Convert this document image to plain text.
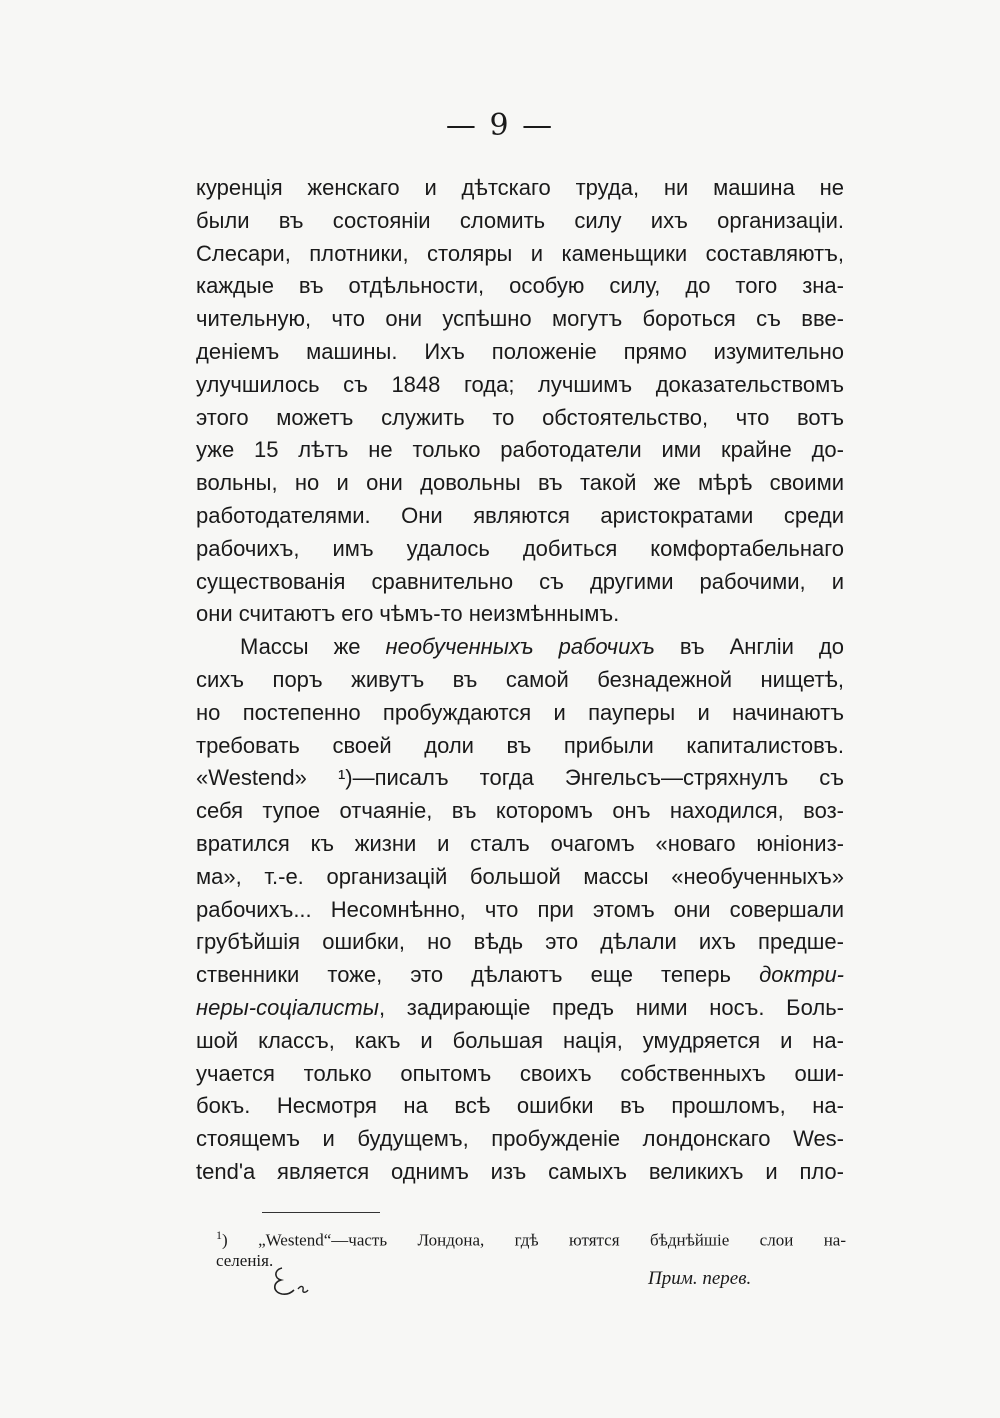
— 9 —
куренція женскаго и дѣтскаго труда, ни машина не
были въ состояніи сломить силу ихъ организаціи.
Слесари, плотники, столяры и каменьщики составляютъ,
каждые въ отдѣльности, особую силу, до того зна-
чительную, что они успѣшно могутъ бороться съ вве-
деніемъ машины. Ихъ положеніе прямо изумительно
улучшилось съ 1848 года; лучшимъ доказательствомъ
этого можетъ служить то обстоятельство, что вотъ
уже 15 лѣтъ не только работодатели ими крайне до-
вольны, но и они довольны въ такой же мѣрѣ своими
работодателями. Они являются аристократами среди
рабочихъ, имъ удалось добиться комфортабельнаго
существованія сравнительно съ другими рабочими, и
они считаютъ его чѣмъ-то неизмѣннымъ.
Массы же необученныхъ рабочихъ въ Англіи до
сихъ поръ живутъ въ самой безнадежной нищетѣ,
но постепенно пробуждаются и пауперы и начинаютъ
требовать своей доли въ прибыли капиталистовъ.
«Westend» ¹)—писалъ тогда Энгельсъ—стряхнулъ съ
себя тупое отчаяніе, въ которомъ онъ находился, воз-
вратился къ жизни и сталъ очагомъ «новаго юніониз-
ма», т.-е. организацій большой массы «необученныхъ»
рабочихъ... Несомнѣнно, что при этомъ они совершали
грубѣйшія ошибки, но вѣдь это дѣлали ихъ предше-
ственники тоже, это дѣлаютъ еще теперь доктри-
неры-соціалисты, задирающіе предъ ними носъ. Боль-
шой классъ, какъ и большая нація, умудряется и на-
учается только опытомъ своихъ собственныхъ оши-
бокъ. Несмотря на всѣ ошибки въ прошломъ, на-
стоящемъ и будущемъ, пробужденіе лондонскаго Wes-
tend'а является однимъ изъ самыхъ великихъ и пло-
$^1$) „Westend“—часть Лондона, гдѣ ютятся бѣднѣйшіе слои на-
селенія.
Прим. перев.
